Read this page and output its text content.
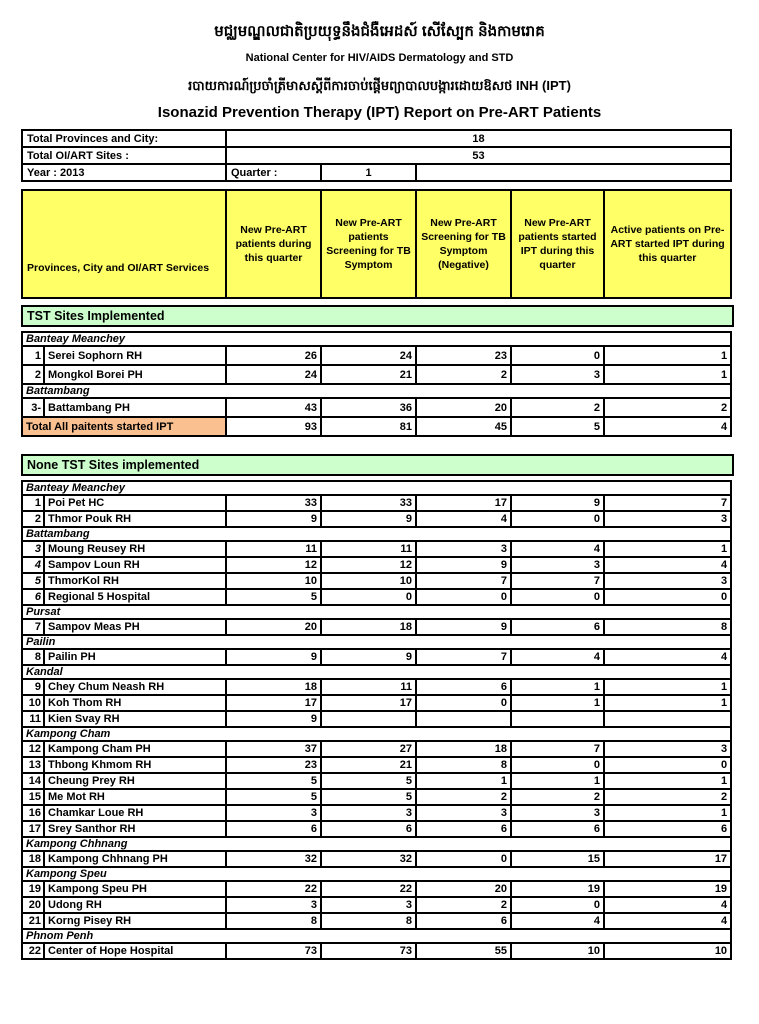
មជ្ឈមណ្ឌលជាតិប្រយុទ្ធនឹងជំងឺអេដស៍ សើស្បែក និងកាមរោគ
National Center for HIV/AIDS Dermatology and STD
របាយការណ៍ប្រចាំត្រីមាសស្តីពីការចាប់ផ្តើមព្យាបាលបង្ការដោយឱសថ INH (IPT)
Isonazid Prevention Therapy (IPT) Report on Pre-ART Patients
Total Provinces and City:	18		
Total OI/ART Sites :	53		
Year : 2013	Quarter :	1	
Provinces, City and OI/ART Services	New Pre-ART patients during this quarter	New Pre-ART patients Screening for TB Symptom	New Pre-ART Screening for TB Symptom (Negative)	New Pre-ART patients started IPT during this quarter	Active patients on Pre-ART started IPT during this quarter
TST Sites Implemented
Banteay Meanchey						
1	Serei Sophorn RH	26	24	23	0	1
2	Mongkol Borei PH	24	21	2	3	1
Battambang						
3-	Battambang PH	43	36	20	2	2
Total All paitents started IPT		93	81	45	5	4
None TST Sites implemented
Banteay Meanchey						
1	Poi Pet HC	33	33	17	9	7
2	Thmor Pouk RH	9	9	4	0	3
Battambang						
3	Moung Reusey RH	11	11	3	4	1
4	Sampov Loun RH	12	12	9	3	4
5	ThmorKol RH	10	10	7	7	3
6	Regional 5 Hospital	5	0	0	0	0
Pursat						
7	Sampov Meas PH	20	18	9	6	8
Pailin						
8	Pailin PH	9	9	7	4	4
Kandal						
9	Chey Chum Neash RH	18	11	6	1	1
10	Koh Thom RH	17	17	0	1	1
11	Kien Svay RH	9				
Kampong Cham						
12	Kampong Cham PH	37	27	18	7	3
13	Thbong Khmom RH	23	21	8	0	0
14	Cheung Prey RH	5	5	1	1	1
15	Me Mot RH	5	5	2	2	2
16	Chamkar Loue RH	3	3	3	3	1
17	Srey Santhor RH	6	6	6	6	6
Kampong Chhnang						
18	Kampong Chhnang PH	32	32	0	15	17
Kampong Speu						
19	Kampong Speu PH	22	22	20	19	19
20	Udong RH	3	3	2	0	4
21	Korng Pisey RH	8	8	6	4	4
Phnom Penh						
22	Center of Hope Hospital	73	73	55	10	10
